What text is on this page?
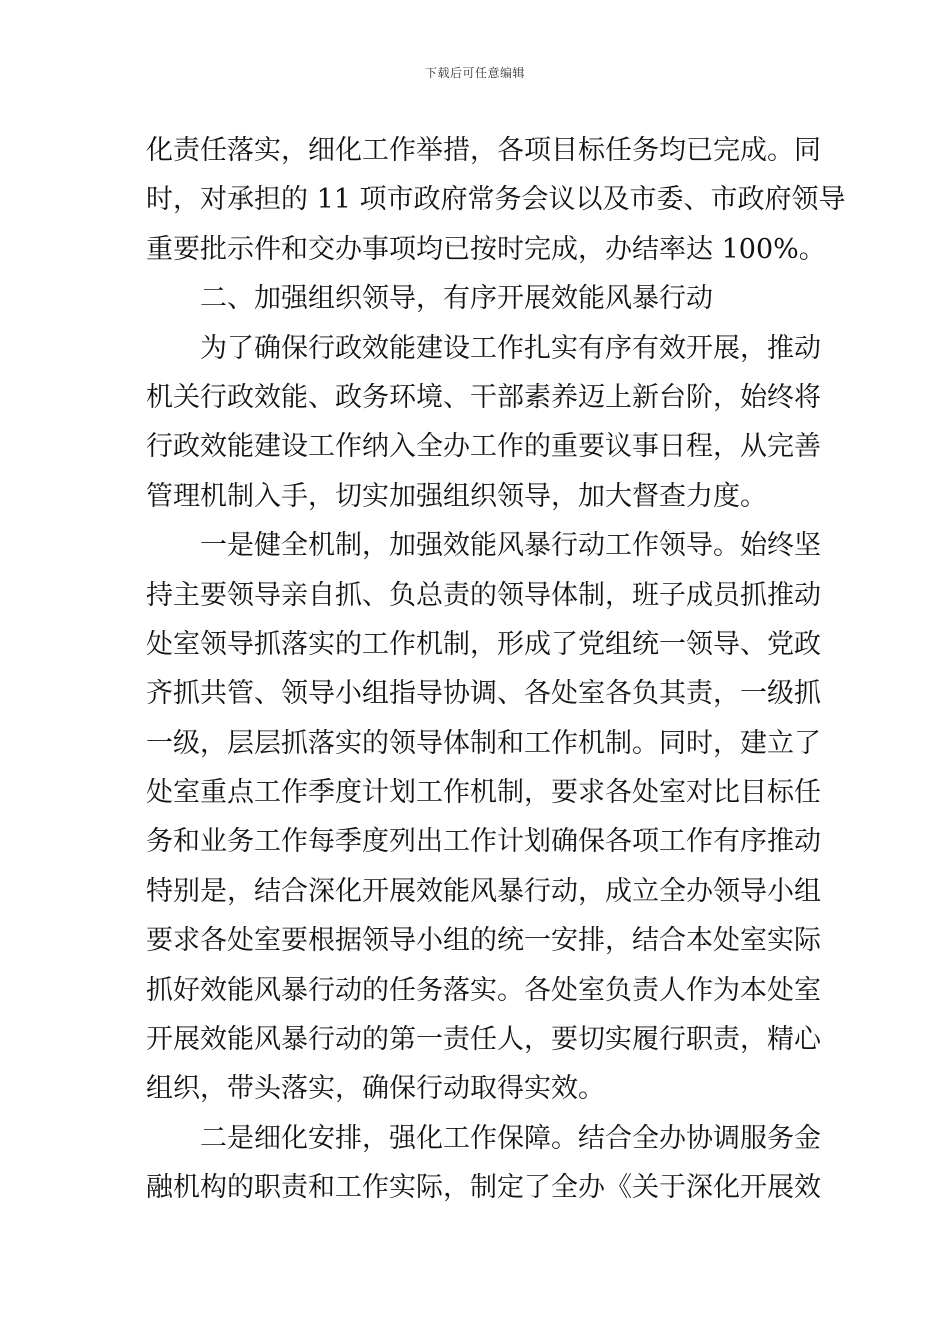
下载后可任意编辑
化责任落实，细化工作举措，各项目标任务均已完成。同
时，对承担的 11 项市政府常务会议以及市委、市政府领导
重要批示件和交办事项均已按时完成，办结率达 100%。
二、加强组织领导，有序开展效能风暴行动
为了确保行政效能建设工作扎实有序有效开展，推动
机关行政效能、政务环境、干部素养迈上新台阶，始终将
行政效能建设工作纳入全办工作的重要议事日程，从完善
管理机制入手，切实加强组织领导，加大督查力度。
一是健全机制，加强效能风暴行动工作领导。始终坚
持主要领导亲自抓、负总责的领导体制，班子成员抓推动
处室领导抓落实的工作机制，形成了党组统一领导、党政
齐抓共管、领导小组指导协调、各处室各负其责，一级抓
一级，层层抓落实的领导体制和工作机制。同时，建立了
处室重点工作季度计划工作机制，要求各处室对比目标任
务和业务工作每季度列出工作计划确保各项工作有序推动
特别是，结合深化开展效能风暴行动，成立全办领导小组
要求各处室要根据领导小组的统一安排，结合本处室实际
抓好效能风暴行动的任务落实。各处室负责人作为本处室
开展效能风暴行动的第一责任人，要切实履行职责，精心
组织，带头落实，确保行动取得实效。
二是细化安排，强化工作保障。结合全办协调服务金
融机构的职责和工作实际，制定了全办《关于深化开展效
